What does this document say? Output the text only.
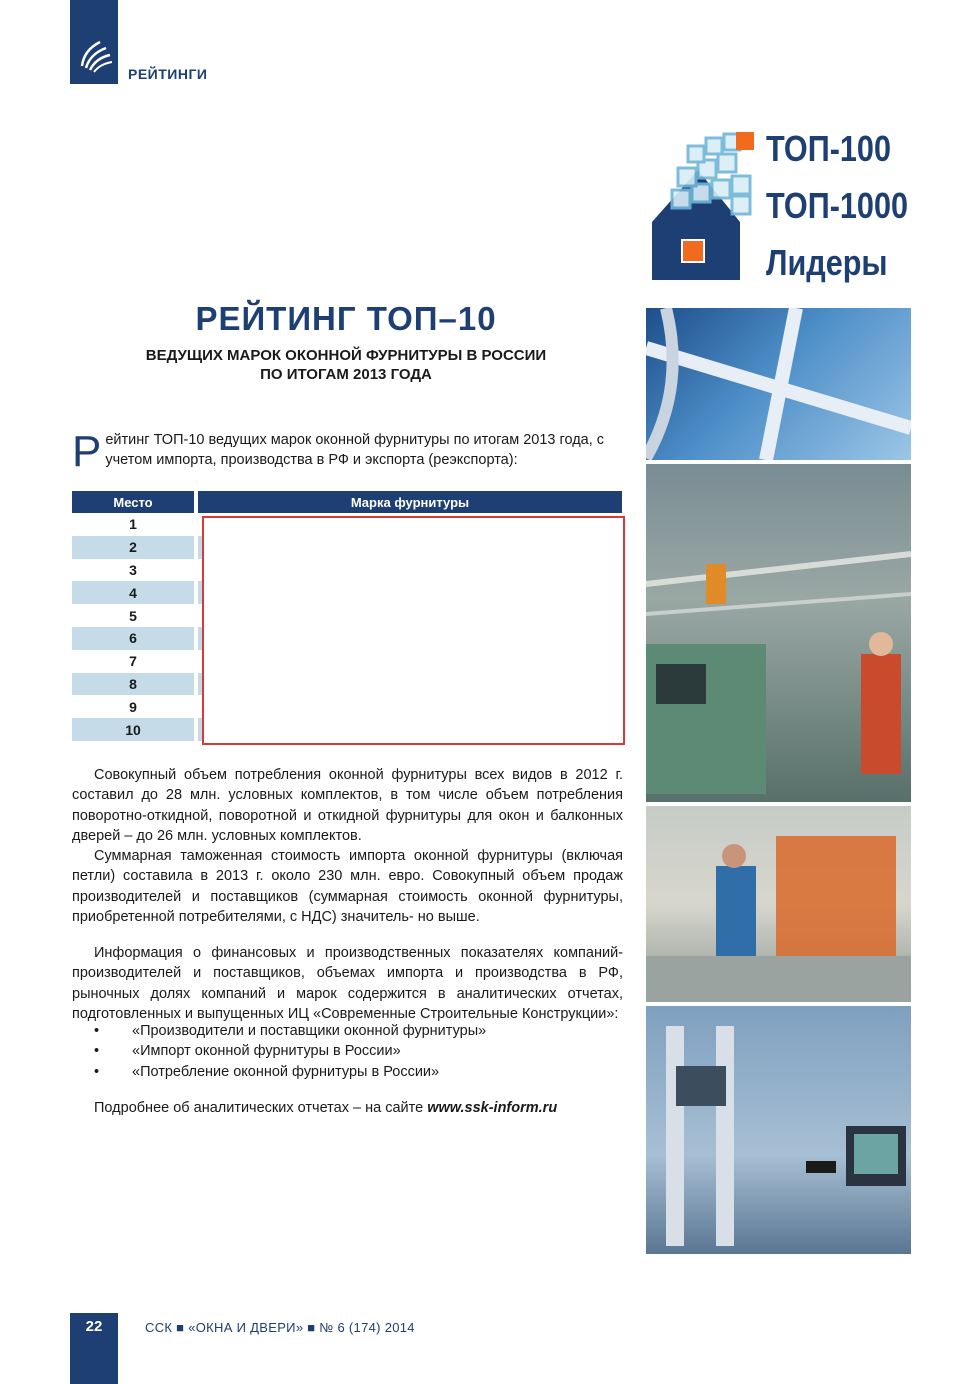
РЕЙТИНГИ
ТОП-100
ТОП-1000
Лидеры
РЕЙТИНГ ТОП–10
ВЕДУЩИХ МАРОК ОКОННОЙ ФУРНИТУРЫ В РОССИИ
ПО ИТОГАМ 2013 ГОДА
Р ейтинг ТОП-10 ведущих марок оконной фурнитуры по итогам 2013 года, с учетом импорта, производства в РФ и экспорта (реэкспорта):
Место		Марка фурнитуры
1		
2		
3		
4		
5		
6		
7		
8		
9		
10		
Совокупный объем потребления оконной фурнитуры всех видов в 2012 г. составил до 28 млн. условных комплектов, в том числе объем потребления поворотно-откидной, поворотной и откидной фурнитуры для окон и балконных дверей – до 26 млн. условных комплектов.
Суммарная таможенная стоимость импорта оконной фурнитуры (включая петли) составила в 2013 г. около 230 млн. евро. Совокупный объем продаж производителей и поставщиков (суммарная стоимость оконной фурнитуры, приобретенной потребителями, с НДС) значитель- но выше.
Информация о финансовых и производственных показателях компаний-производителей и поставщиков, объемах импорта и производства в РФ, рыночных долях компаний и марок содержится в аналитических отчетах, подготовленных и выпущенных ИЦ «Современные Строительные Конструкции»:
• «Производители и поставщики оконной фурнитуры»
• «Импорт оконной фурнитуры в России»
• «Потребление оконной фурнитуры в России»
Подробнее об аналитических отчетах – на сайте www.ssk-inform.ru
22	ССК ■ «ОКНА И ДВЕРИ» ■ № 6 (174) 2014
